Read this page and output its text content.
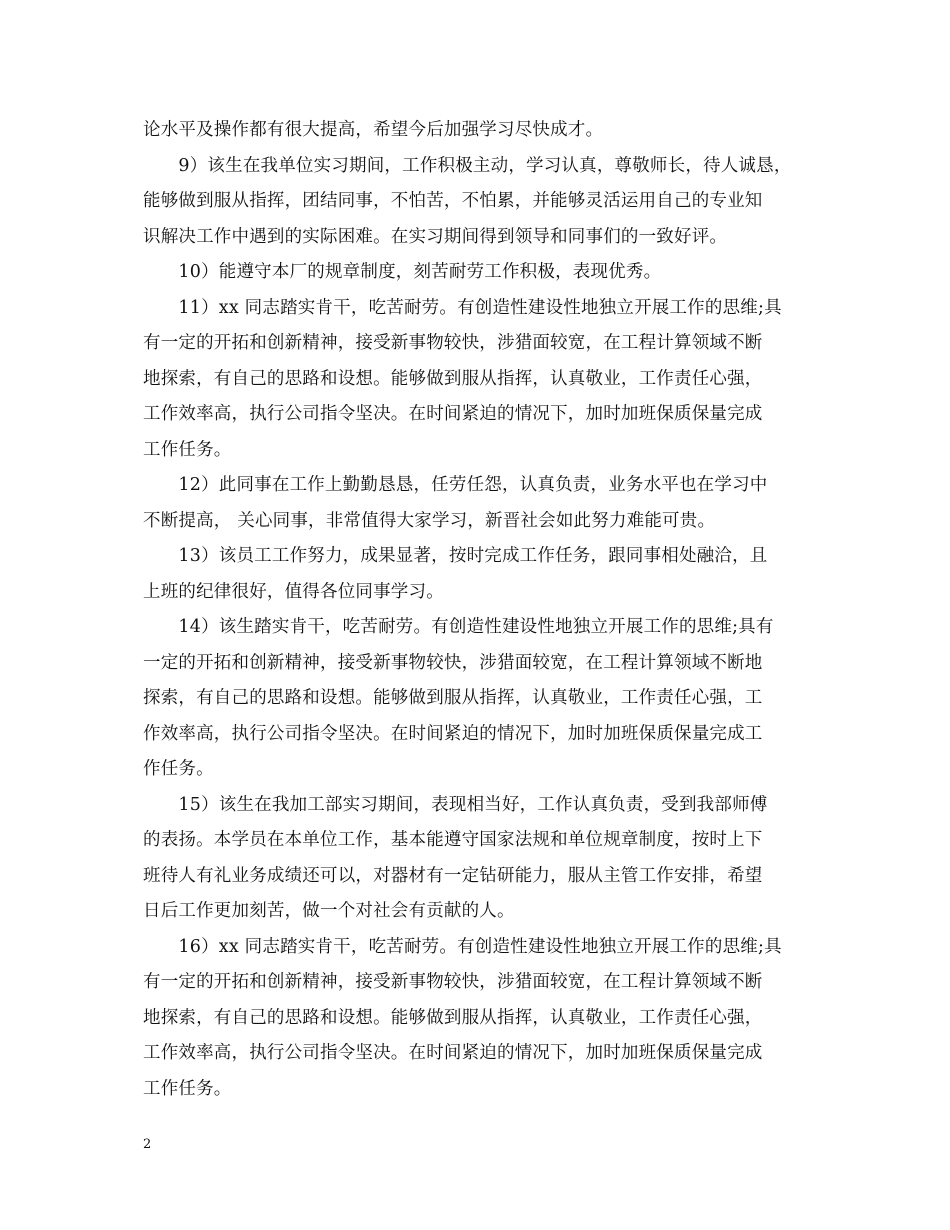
论水平及操作都有很大提高，希望今后加强学习尽快成才。
　　9）该生在我单位实习期间，工作积极主动，学习认真，尊敬师长，待人诚恳，
能够做到服从指挥，团结同事，不怕苦，不怕累，并能够灵活运用自己的专业知
识解决工作中遇到的实际困难。在实习期间得到领导和同事们的一致好评。
　　10）能遵守本厂的规章制度，刻苦耐劳工作积极，表现优秀。
　　11）xx 同志踏实肯干，吃苦耐劳。有创造性建设性地独立开展工作的思维;具
有一定的开拓和创新精神，接受新事物较快，涉猎面较宽，在工程计算领域不断
地探索，有自己的思路和设想。能够做到服从指挥，认真敬业，工作责任心强，
工作效率高，执行公司指令坚决。在时间紧迫的情况下，加时加班保质保量完成
工作任务。
　　12）此同事在工作上勤勤恳恳，任劳任怨，认真负责，业务水平也在学习中
不断提高， 关心同事，非常值得大家学习，新晋社会如此努力难能可贵。
　　13）该员工工作努力，成果显著，按时完成工作任务，跟同事相处融洽，且
上班的纪律很好，值得各位同事学习。
　　14）该生踏实肯干，吃苦耐劳。有创造性建设性地独立开展工作的思维;具有
一定的开拓和创新精神，接受新事物较快，涉猎面较宽，在工程计算领域不断地
探索，有自己的思路和设想。能够做到服从指挥，认真敬业，工作责任心强，工
作效率高，执行公司指令坚决。在时间紧迫的情况下，加时加班保质保量完成工
作任务。
　　15）该生在我加工部实习期间，表现相当好，工作认真负责，受到我部师傅
的表扬。本学员在本单位工作，基本能遵守国家法规和单位规章制度，按时上下
班待人有礼业务成绩还可以，对器材有一定钻研能力，服从主管工作安排，希望
日后工作更加刻苦，做一个对社会有贡献的人。
　　16）xx 同志踏实肯干，吃苦耐劳。有创造性建设性地独立开展工作的思维;具
有一定的开拓和创新精神，接受新事物较快，涉猎面较宽，在工程计算领域不断
地探索，有自己的思路和设想。能够做到服从指挥，认真敬业，工作责任心强，
工作效率高，执行公司指令坚决。在时间紧迫的情况下，加时加班保质保量完成
工作任务。
2
